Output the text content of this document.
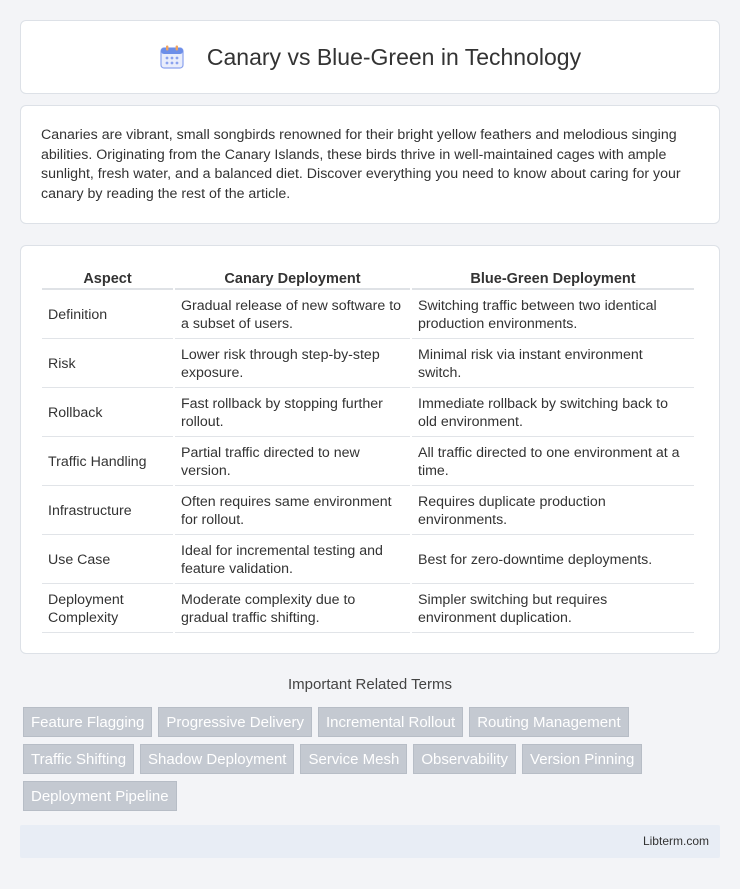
Canary vs Blue-Green in Technology

Canaries are vibrant, small songbirds renowned for their bright yellow feathers and melodious singing abilities. Originating from the Canary Islands, these birds thrive in well-maintained cages with ample sunlight, fresh water, and a balanced diet. Discover everything you need to know about caring for your canary by reading the rest of the article.

Aspect	Canary Deployment	Blue-Green Deployment
Definition	Gradual release of new software to a subset of users.	Switching traffic between two identical production environments.
Risk	Lower risk through step-by-step exposure.	Minimal risk via instant environment switch.
Rollback	Fast rollback by stopping further rollout.	Immediate rollback by switching back to old environment.
Traffic Handling	Partial traffic directed to new version.	All traffic directed to one environment at a time.
Infrastructure	Often requires same environment for rollout.	Requires duplicate production environments.
Use Case	Ideal for incremental testing and feature validation.	Best for zero-downtime deployments.
Deployment Complexity	Moderate complexity due to gradual traffic shifting.	Simpler switching but requires environment duplication.
Important Related Terms
Feature Flagging	Progressive Delivery	Incremental Rollout	Routing Management
Traffic Shifting	Shadow Deployment	Service Mesh	Observability	Version Pinning
Deployment Pipeline
Libterm.com
